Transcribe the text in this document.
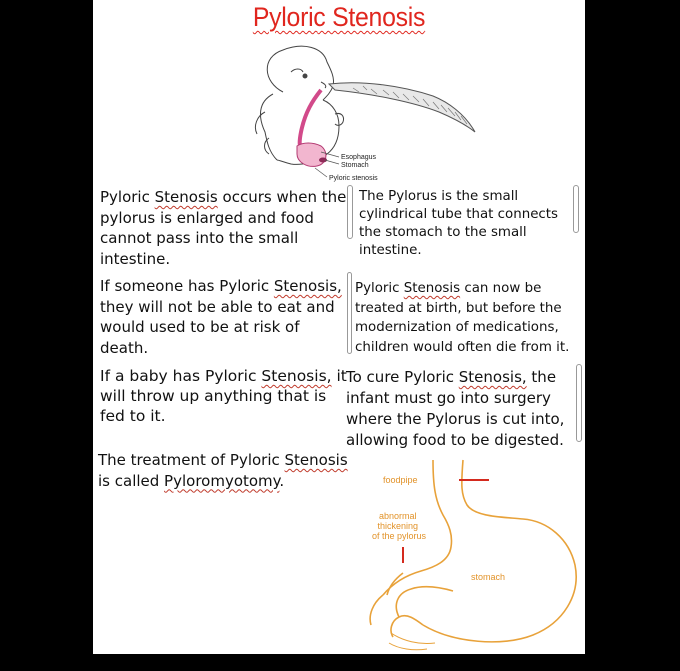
Pyloric Stenosis
Esophagus
Stomach
Pyloric stenosis
Pyloric Stenosis occurs when the
pylorus is enlarged and food
cannot pass into the small
intestine.
The Pylorus is the small
cylindrical tube that connects
the stomach to the small
intestine.
If someone has Pyloric Stenosis,
they will not be able to eat and
would used to be at risk of
death.
Pyloric Stenosis can now be
treated at birth, but before the
modernization of medications,
children would often die from it.
If a baby has Pyloric Stenosis, it
will throw up anything that is
fed to it.
To cure Pyloric Stenosis, the
infant must go into surgery
where the Pylorus is cut into,
allowing food to be digested.
The treatment of Pyloric Stenosis
is called Pyloromyotomy.	foodpipe
abnormal thickening of the pylorus
stomach
